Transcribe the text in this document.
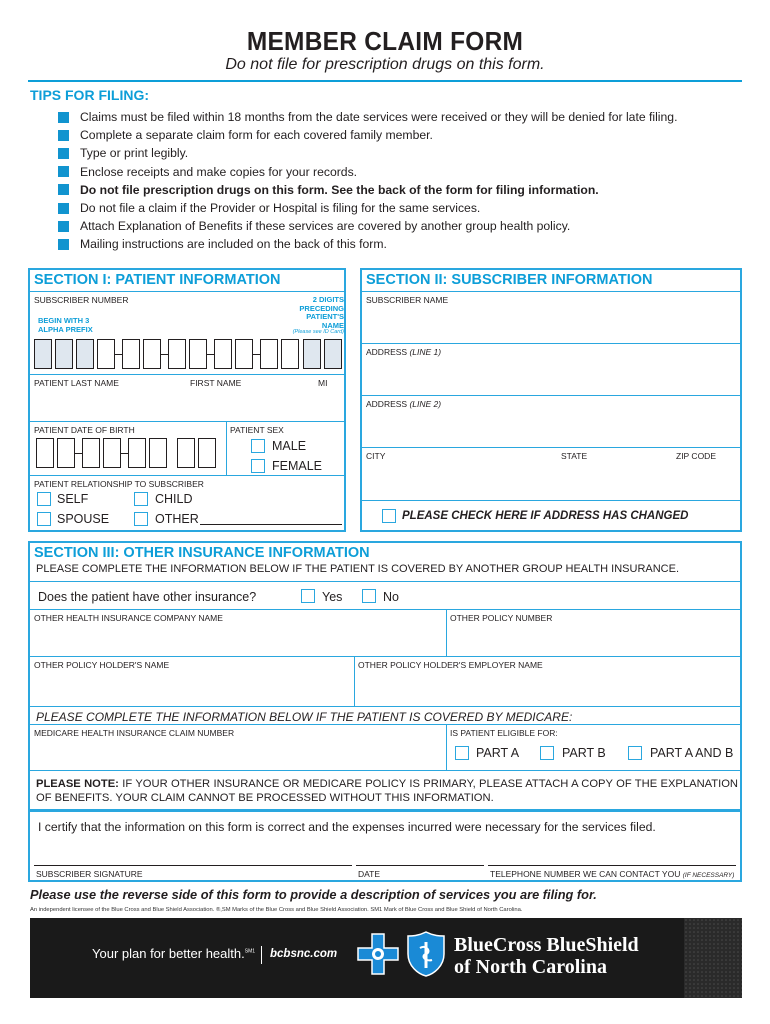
MEMBER CLAIM FORM
Do not file for prescription drugs on this form.
TIPS FOR FILING:
Claims must be filed within 18 months from the date services were received or they will be denied for late filing.
Complete a separate claim form for each covered family member.
Type or print legibly.
Enclose receipts and make copies for your records.
Do not file prescription drugs on this form. See the back of the form for filing information.
Do not file a claim if the Provider or Hospital is filing for the same services.
Attach Explanation of Benefits if these services are covered by another group health policy.
Mailing instructions are included on the back of this form.
SECTION I: PATIENT INFORMATION
SUBSCRIBER NUMBER
BEGIN WITH 3 ALPHA PREFIX
2 DIGITS PRECEDING PATIENT'S NAME
(Please see ID Card)
PATIENT LAST NAME	FIRST NAME	MI
PATIENT DATE OF BIRTH	PATIENT SEX
MALE
FEMALE
PATIENT RELATIONSHIP TO SUBSCRIBER
SELF	CHILD
SPOUSE	OTHER
SECTION II: SUBSCRIBER INFORMATION
SUBSCRIBER NAME
ADDRESS (LINE 1)
ADDRESS (LINE 2)
CITY	STATE	ZIP CODE
PLEASE CHECK HERE IF ADDRESS HAS CHANGED
SECTION III: OTHER INSURANCE INFORMATION
PLEASE COMPLETE THE INFORMATION BELOW IF THE PATIENT IS COVERED BY ANOTHER GROUP HEALTH INSURANCE.
Does the patient have other insurance?	Yes	No
OTHER HEALTH INSURANCE COMPANY NAME	OTHER POLICY NUMBER
OTHER POLICY HOLDER'S NAME	OTHER POLICY HOLDER'S EMPLOYER NAME
PLEASE COMPLETE THE INFORMATION BELOW IF THE PATIENT IS COVERED BY MEDICARE:
MEDICARE HEALTH INSURANCE CLAIM NUMBER	IS PATIENT ELIGIBLE FOR:
PART A	PART B	PART A AND B
PLEASE NOTE: IF YOUR OTHER INSURANCE OR MEDICARE POLICY IS PRIMARY, PLEASE ATTACH A COPY OF THE EXPLANATION OF BENEFITS. YOUR CLAIM CANNOT BE PROCESSED WITHOUT THIS INFORMATION.
I certify that the information on this form is correct and the expenses incurred were necessary for the services filed.
SUBSCRIBER SIGNATURE	DATE	TELEPHONE NUMBER WE CAN CONTACT YOU (IF NECESSARY)
Please use the reverse side of this form to provide a description of services you are filing for.
An independent licensee of the Blue Cross and Blue Shield Association. ®,SM Marks of the Blue Cross and Blue Shield Association. SM1 Mark of Blue Cross and Blue Shield of North Carolina.
Your plan for better health.$^{SM1}$ bcbsnc.com	BlueCross BlueShield
of North Carolina
